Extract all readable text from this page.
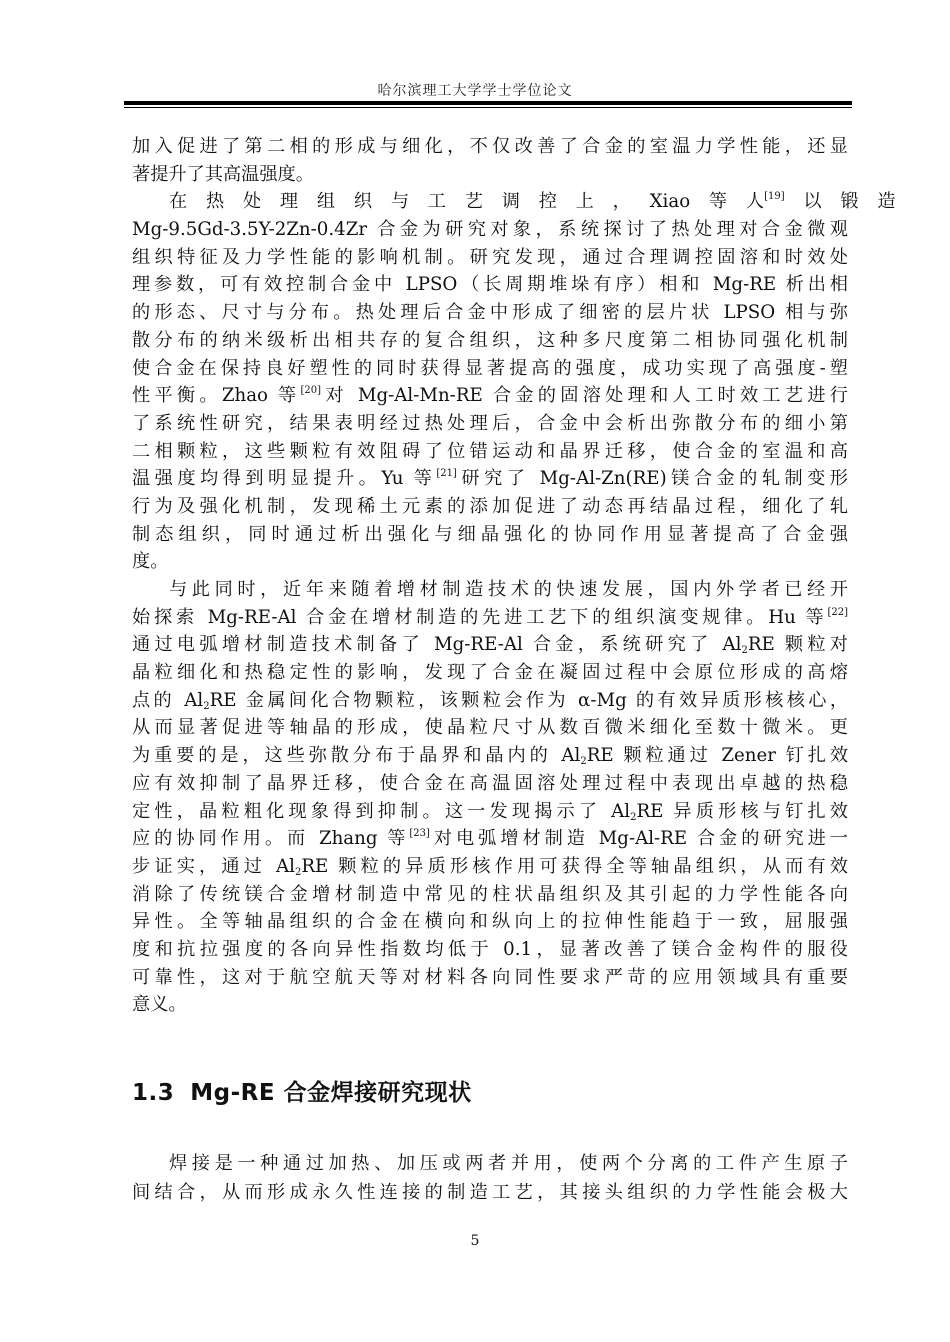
哈尔滨理工大学学士学位论文
加入促进了第二相的形成与细化，不仅改善了合金的室温力学性能，还显
著提升了其高温强度。
在 热 处 理 组 织 与 工 艺 调 控 上 ， Xiao 等 人[19] 以 锻 造
Mg-9.5Gd-3.5Y-2Zn-0.4Zr 合金为研究对象，系统探讨了热处理对合金微观
组织特征及力学性能的影响机制。研究发现，通过合理调控固溶和时效处
理参数，可有效控制合金中 LPSO（长周期堆垛有序）相和 Mg-RE 析出相
的形态、尺寸与分布。热处理后合金中形成了细密的层片状 LPSO 相与弥
散分布的纳米级析出相共存的复合组织，这种多尺度第二相协同强化机制
使合金在保持良好塑性的同时获得显著提高的强度，成功实现了高强度-塑
性平衡。Zhao 等[20]对 Mg-Al-Mn-RE 合金的固溶处理和人工时效工艺进行
了系统性研究，结果表明经过热处理后，合金中会析出弥散分布的细小第
二相颗粒，这些颗粒有效阻碍了位错运动和晶界迁移，使合金的室温和高
温强度均得到明显提升。Yu 等[21]研究了 Mg-Al-Zn(RE)镁合金的轧制变形
行为及强化机制，发现稀土元素的添加促进了动态再结晶过程，细化了轧
制态组织，同时通过析出强化与细晶强化的协同作用显著提高了合金强
度。
与此同时，近年来随着增材制造技术的快速发展，国内外学者已经开
始探索 Mg-RE-Al 合金在增材制造的先进工艺下的组织演变规律。Hu 等[22]
通过电弧增材制造技术制备了 Mg-RE-Al 合金，系统研究了 $Al_2RE$ 颗粒对
晶粒细化和热稳定性的影响，发现了合金在凝固过程中会原位形成的高熔
点的 $Al_2RE$ 金属间化合物颗粒，该颗粒会作为 α-Mg 的有效异质形核核心，
从而显著促进等轴晶的形成，使晶粒尺寸从数百微米细化至数十微米。更
为重要的是，这些弥散分布于晶界和晶内的 $Al_2RE$ 颗粒通过 Zener 钉扎效
应有效抑制了晶界迁移，使合金在高温固溶处理过程中表现出卓越的热稳
定性，晶粒粗化现象得到抑制。这一发现揭示了 $Al_2RE$ 异质形核与钉扎效
应的协同作用。而 Zhang 等[23]对电弧增材制造 Mg-Al-RE 合金的研究进一
步证实，通过 $Al_2RE$ 颗粒的异质形核作用可获得全等轴晶组织，从而有效
消除了传统镁合金增材制造中常见的柱状晶组织及其引起的力学性能各向
异性。全等轴晶组织的合金在横向和纵向上的拉伸性能趋于一致，屈服强
度和抗拉强度的各向异性指数均低于 0.1，显著改善了镁合金构件的服役
可靠性，这对于航空航天等对材料各向同性要求严苛的应用领域具有重要
意义。
1.3 Mg-RE 合金焊接研究现状
焊接是一种通过加热、加压或两者并用，使两个分离的工件产生原子
间结合，从而形成永久性连接的制造工艺，其接头组织的力学性能会极大
5
